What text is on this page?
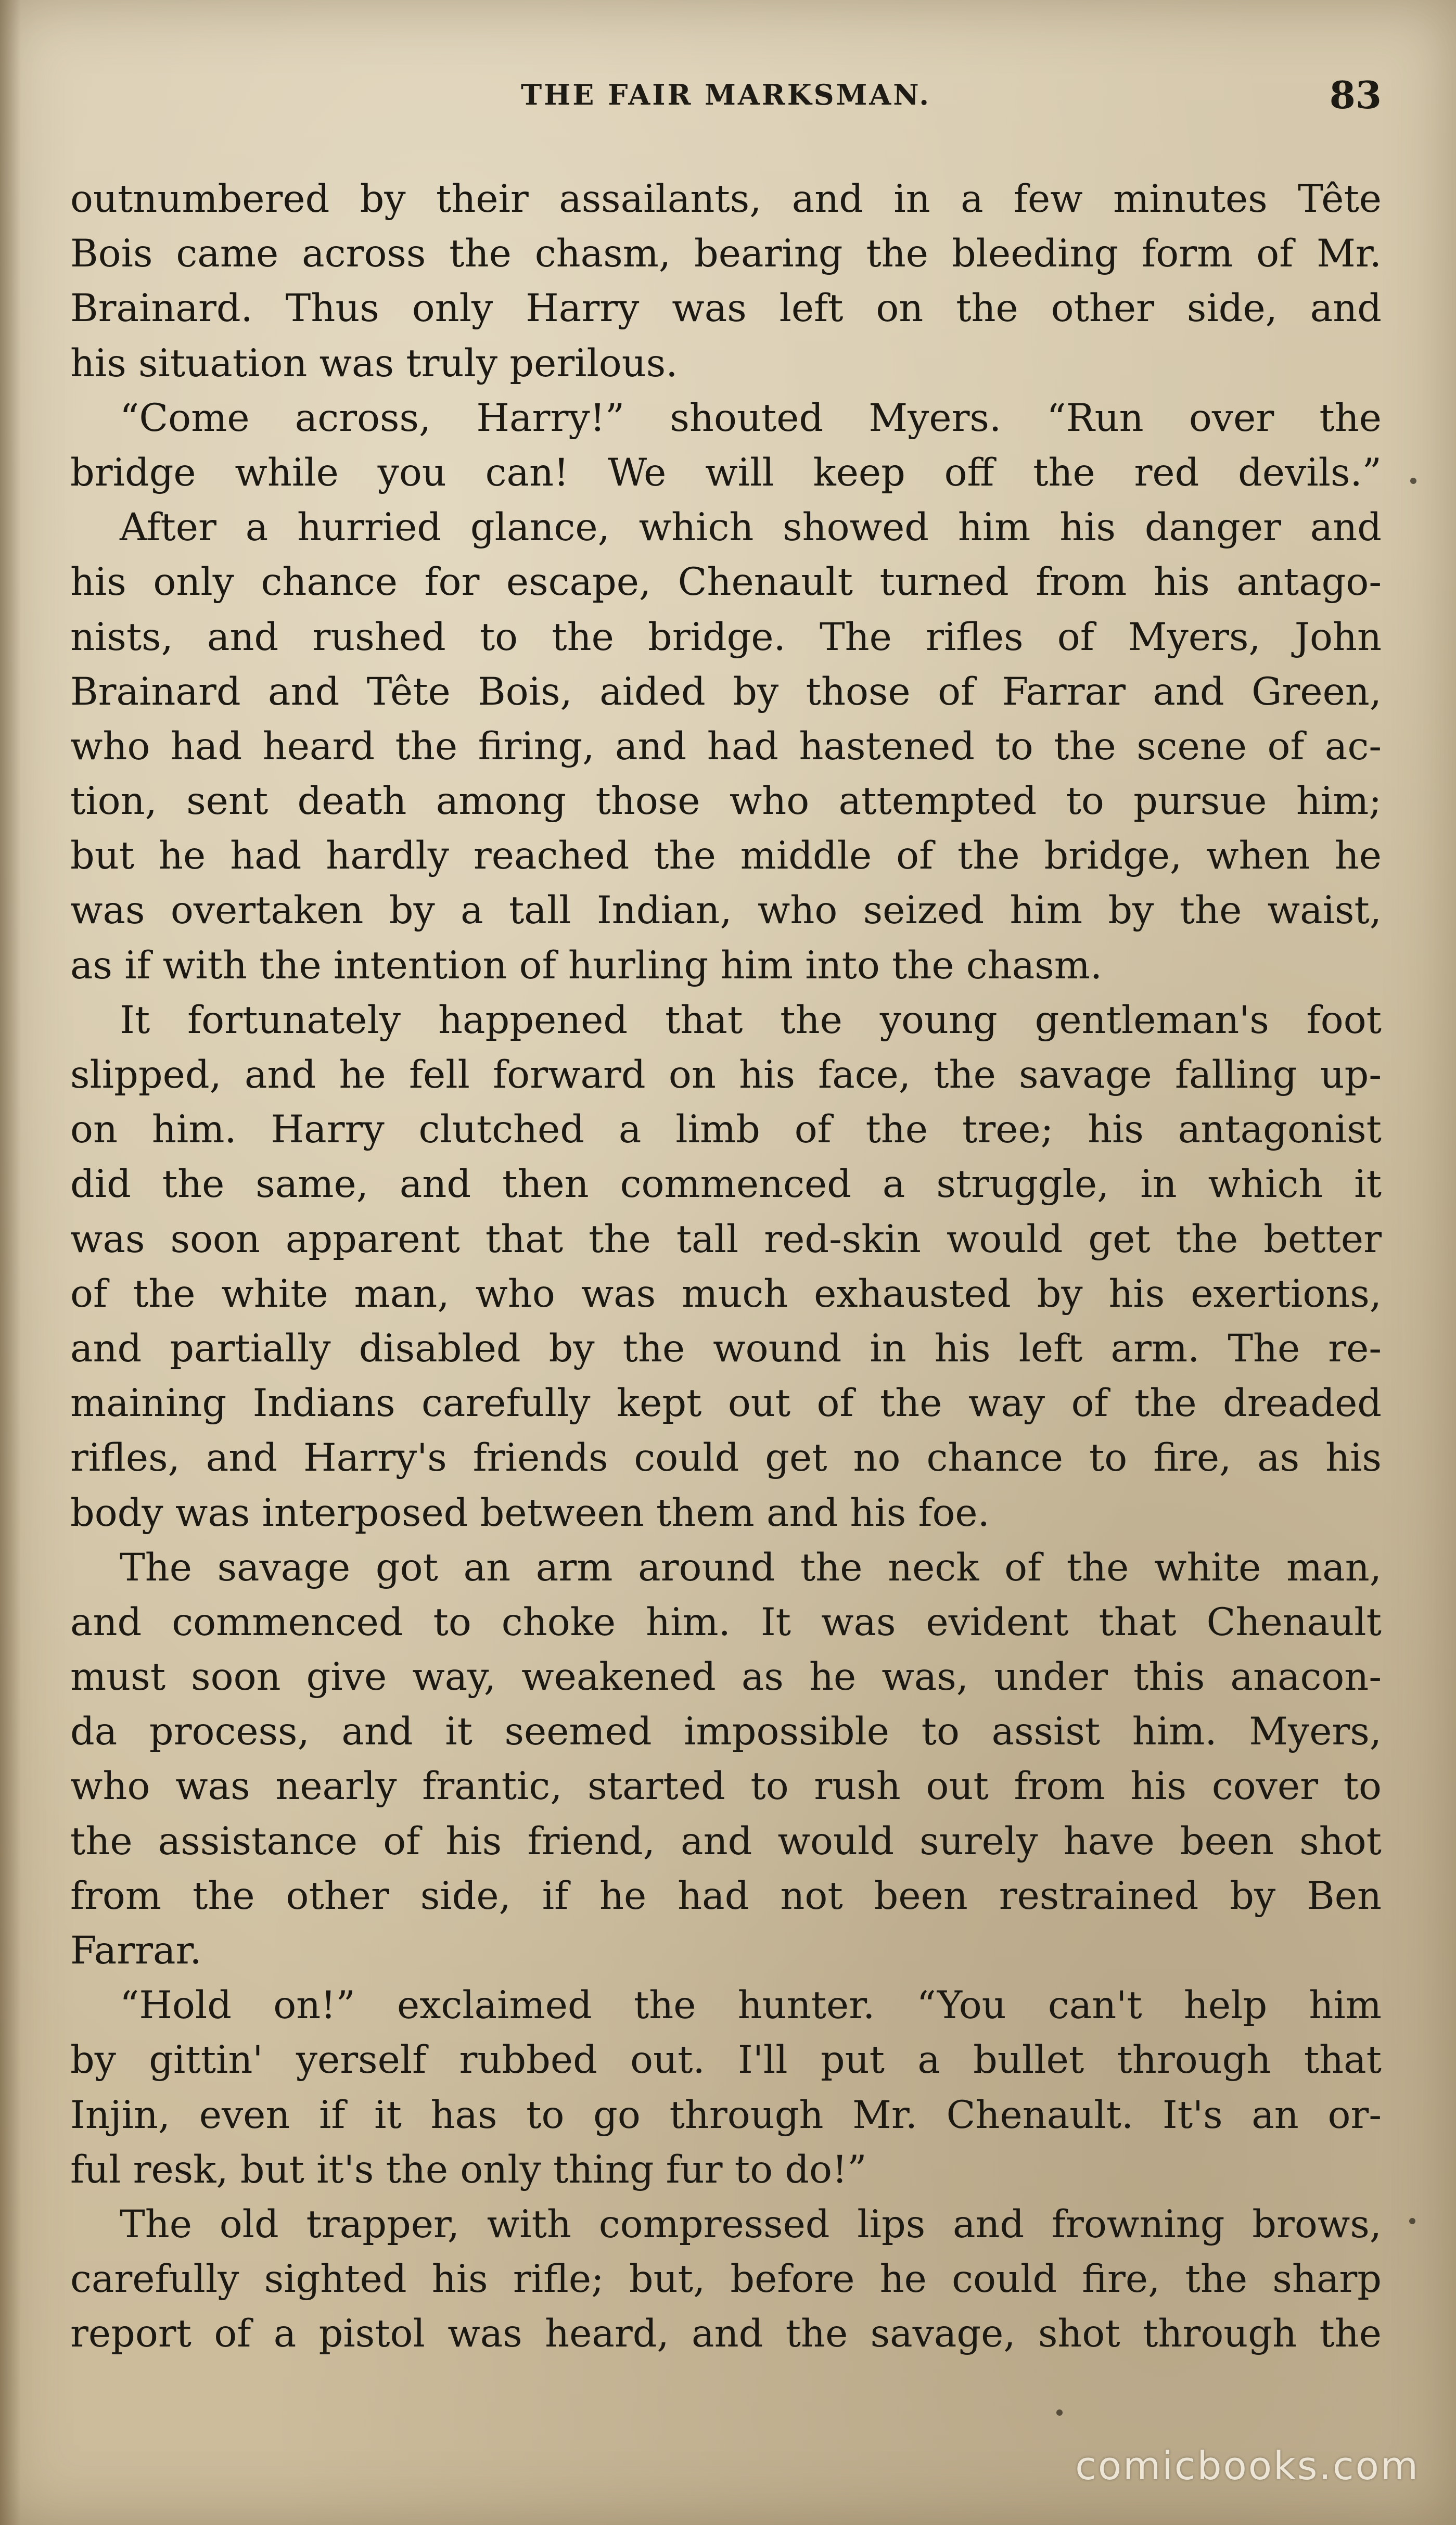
THE FAIR MARKSMAN.	83
outnumbered by their assailants, and in a few minutes Tête
Bois came across the chasm, bearing the bleeding form of Mr.
Brainard. Thus only Harry was left on the other side, and
his situation was truly perilous.
“Come across, Harry!” shouted Myers. “Run over the
bridge while you can! We will keep off the red devils.”
After a hurried glance, which showed him his danger and
his only chance for escape, Chenault turned from his antago-
nists, and rushed to the bridge. The rifles of Myers, John
Brainard and Tête Bois, aided by those of Farrar and Green,
who had heard the firing, and had hastened to the scene of ac-
tion, sent death among those who attempted to pursue him;
but he had hardly reached the middle of the bridge, when he
was overtaken by a tall Indian, who seized him by the waist,
as if with the intention of hurling him into the chasm.
It fortunately happened that the young gentleman's foot
slipped, and he fell forward on his face, the savage falling up-
on him. Harry clutched a limb of the tree; his antagonist
did the same, and then commenced a struggle, in which it
was soon apparent that the tall red-skin would get the better
of the white man, who was much exhausted by his exertions,
and partially disabled by the wound in his left arm. The re-
maining Indians carefully kept out of the way of the dreaded
rifles, and Harry's friends could get no chance to fire, as his
body was interposed between them and his foe.
The savage got an arm around the neck of the white man,
and commenced to choke him. It was evident that Chenault
must soon give way, weakened as he was, under this anacon-
da process, and it seemed impossible to assist him. Myers,
who was nearly frantic, started to rush out from his cover to
the assistance of his friend, and would surely have been shot
from the other side, if he had not been restrained by Ben
Farrar.
“Hold on!” exclaimed the hunter. “You can't help him
by gittin' yerself rubbed out. I'll put a bullet through that
Injin, even if it has to go through Mr. Chenault. It's an or-
ful resk, but it's the only thing fur to do!”
The old trapper, with compressed lips and frowning brows,
carefully sighted his rifle; but, before he could fire, the sharp
report of a pistol was heard, and the savage, shot through the
comicbooks.com
